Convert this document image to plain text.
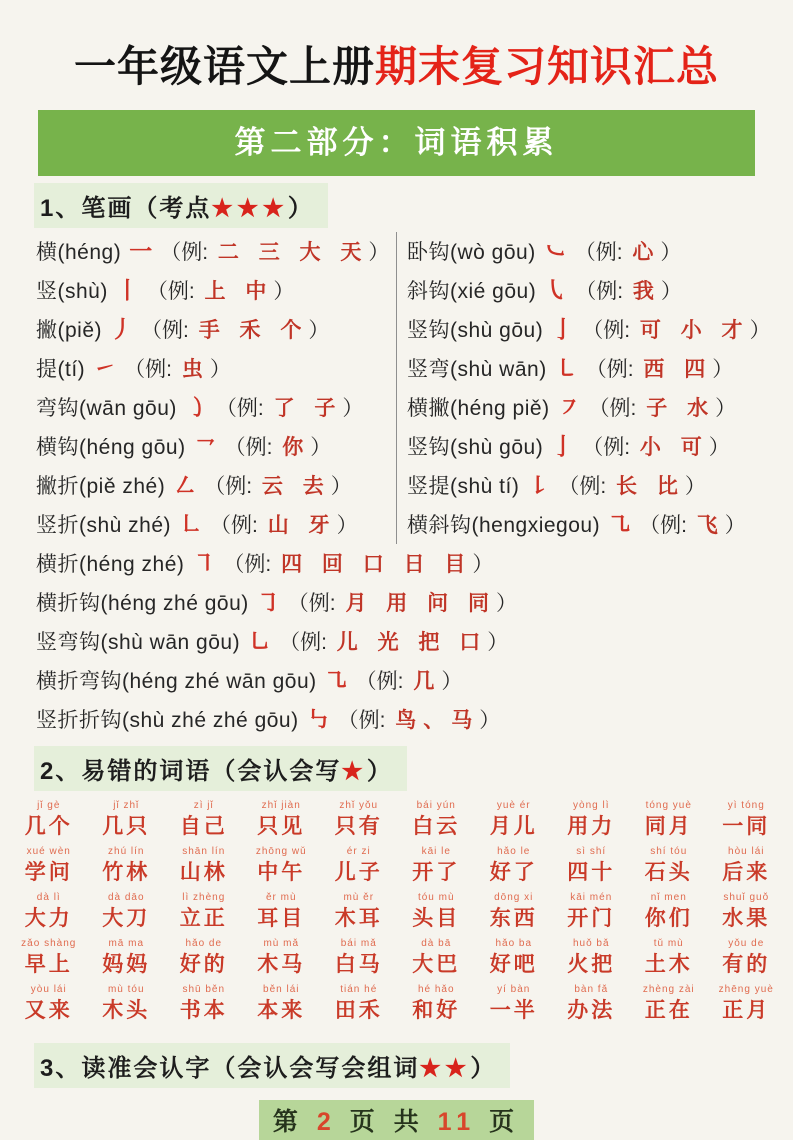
一年级语文上册期末复习知识汇总
第二部分：词语积累
1、笔画（考点★★★）
横(héng) 一 （例: 二 三 大 天）
竖(shù) 丨 （例: 上 中）
撇(piě) 丿 （例: 手 禾 个）
提(tí) ㇀ （例: 虫）
弯钩(wān gōu) ㇁ （例: 了 子）
横钩(héng gōu) ㇖ （例: 你）
撇折(piě zhé) ㇜ （例: 云 去）
竖折(shù zhé) ㇗ （例: 山 牙）
卧钩(wò gōu) ㇃ （例: 心）
斜钩(xié gōu) ㇂ （例: 我）
竖钩(shù gōu) 亅 （例: 可 小 才）
竖弯(shù wān) ㇄ （例: 西 四）
横撇(héng piě) ㇇ （例: 子 水）
竖钩(shù gōu) 亅 （例: 小 可）
竖提(shù tí) ㇙ （例: 长 比）
横斜钩(hengxiegou) ㇈ （例: 飞）
横折(héng zhé) ㇕ （例: 四 回 口 日 目）
横折钩(héng zhé gōu) ㇆ （例: 月 用 问 同）
竖弯钩(shù wān gōu) ㇟ （例: 儿 光 把 口）
横折弯钩(héng zhé wān gōu) ㇈ （例: 几）
竖折折钩(shù zhé zhé gōu) ㇉ （例: 鸟、马）
2、易错的词语（会认会写★）
jǐ gè
几个
jǐ zhǐ
几只
zì jǐ
自己
zhǐ jiàn
只见
zhǐ yǒu
只有
bái yún
白云
yuè ér
月儿
yòng lì
用力
tóng yuè
同月
yì tóng
一同
xué wèn
学问
zhú lín
竹林
shān lín
山林
zhōng wǔ
中午
ér zi
儿子
kāi le
开了
hǎo le
好了
sì shí
四十
shí tóu
石头
hòu lái
后来
dà lì
大力
dà dāo
大刀
lì zhèng
立正
ěr mù
耳目
mù ěr
木耳
tóu mù
头目
dōng xi
东西
kāi mén
开门
nǐ men
你们
shuǐ guǒ
水果
zǎo shàng
早上
mā ma
妈妈
hǎo de
好的
mù mǎ
木马
bái mǎ
白马
dà bā
大巴
hǎo ba
好吧
huǒ bǎ
火把
tǔ mù
土木
yǒu de
有的
yòu lái
又来
mù tóu
木头
shū běn
书本
běn lái
本来
tián hé
田禾
hé hǎo
和好
yí bàn
一半
bàn fǎ
办法
zhèng zài
正在
zhēng yuè
正月
3、读准会认字（会认会写会组词★★）
第 2 页 共 11 页
